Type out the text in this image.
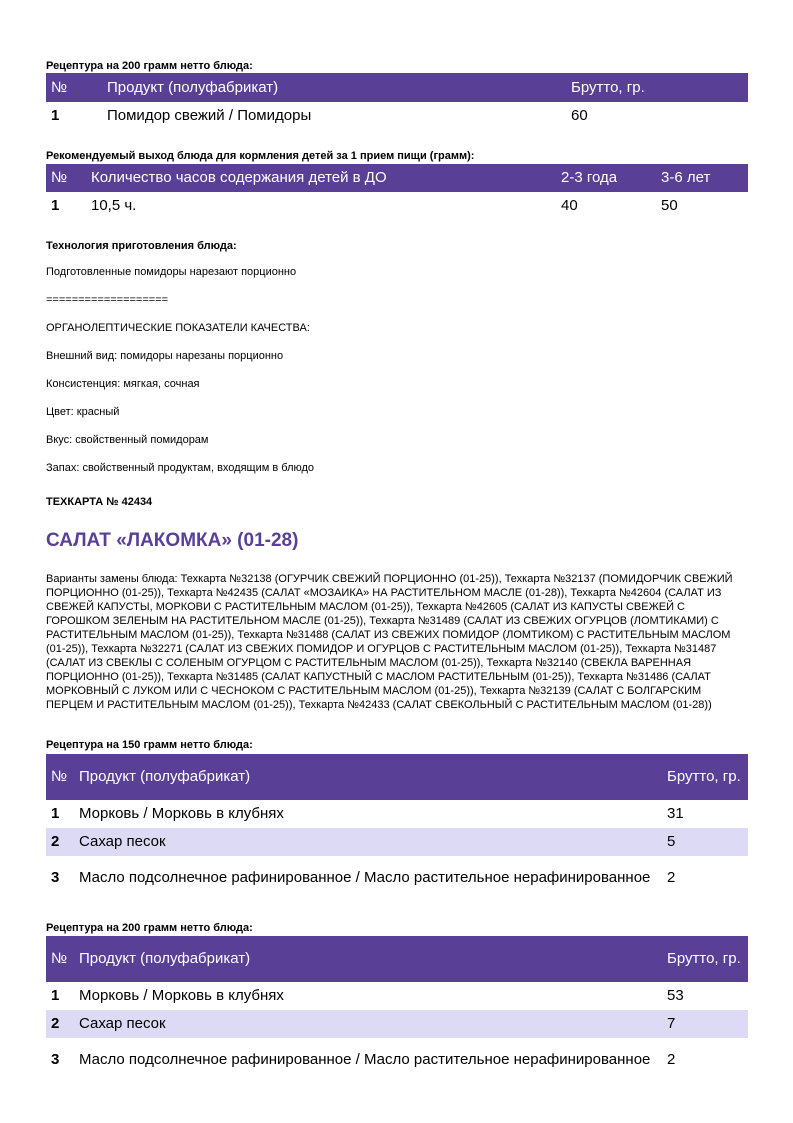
Рецептура на 200 грамм нетто блюда:
№	Продукт (полуфабрикат)	Брутто, гр.
1	Помидор свежий / Помидоры	60
Рекомендуемый выход блюда для кормления детей за 1 прием пищи (грамм):
№	Количество часов содержания детей в ДО	2-3 года	3-6 лет
1	10,5 ч.	40	50
Технология приготовления блюда:
Подготовленные помидоры нарезают порционно
===================
ОРГАНОЛЕПТИЧЕСКИЕ ПОКАЗАТЕЛИ КАЧЕСТВА:
Внешний вид: помидоры нарезаны порционно
Консистенция: мягкая, сочная
Цвет: красный
Вкус: свойственный помидорам
Запах: свойственный продуктам, входящим в блюдо
ТЕХКАРТА № 42434
САЛАТ «ЛАКОМКА» (01-28)
Варианты замены блюда: Техкарта №32138 (ОГУРЧИК СВЕЖИЙ ПОРЦИОННО (01-25)), Техкарта №32137 (ПОМИДОРЧИК СВЕЖИЙ ПОРЦИОННО (01-25)), Техкарта №42435 (САЛАТ «МОЗАИКА» НА РАСТИТЕЛЬНОМ МАСЛЕ (01-28)), Техкарта №42604 (САЛАТ ИЗ СВЕЖЕЙ КАПУСТЫ, МОРКОВИ С РАСТИТЕЛЬНЫМ МАСЛОМ (01-25)), Техкарта №42605 (САЛАТ ИЗ КАПУСТЫ СВЕЖЕЙ С ГОРОШКОМ ЗЕЛЕНЫМ НА РАСТИТЕЛЬНОМ МАСЛЕ (01-25)), Техкарта №31489 (САЛАТ ИЗ СВЕЖИХ ОГУРЦОВ (ЛОМТИКАМИ) С РАСТИТЕЛЬНЫМ МАСЛОМ (01-25)), Техкарта №31488 (САЛАТ ИЗ СВЕЖИХ ПОМИДОР (ЛОМТИКОМ) С РАСТИТЕЛЬНЫМ МАСЛОМ (01-25)), Техкарта №32271 (САЛАТ ИЗ СВЕЖИХ ПОМИДОР И ОГУРЦОВ С РАСТИТЕЛЬНЫМ МАСЛОМ (01-25)), Техкарта №31487 (САЛАТ ИЗ СВЕКЛЫ С СОЛЕНЫМ ОГУРЦОМ С РАСТИТЕЛЬНЫМ МАСЛОМ (01-25)), Техкарта №32140 (СВЕКЛА ВАРЕННАЯ ПОРЦИОННО (01-25)), Техкарта №31485 (САЛАТ КАПУСТНЫЙ С МАСЛОМ РАСТИТЕЛЬНЫМ (01-25)), Техкарта №31486 (САЛАТ МОРКОВНЫЙ С ЛУКОМ ИЛИ С ЧЕСНОКОМ С РАСТИТЕЛЬНЫМ МАСЛОМ (01-25)), Техкарта №32139 (САЛАТ С БОЛГАРСКИМ ПЕРЦЕМ И РАСТИТЕЛЬНЫМ МАСЛОМ (01-25)), Техкарта №42433 (САЛАТ СВЕКОЛЬНЫЙ С РАСТИТЕЛЬНЫМ МАСЛОМ (01-28))
Рецептура на 150 грамм нетто блюда:
№	Продукт (полуфабрикат)	Брутто, гр.
1	Морковь / Морковь в клубнях	31
2	Сахар песок	5
3	Масло подсолнечное рафинированное / Масло растительное нерафинированное	2
Рецептура на 200 грамм нетто блюда:
№	Продукт (полуфабрикат)	Брутто, гр.
1	Морковь / Морковь в клубнях	53
2	Сахар песок	7
3	Масло подсолнечное рафинированное / Масло растительное нерафинированное	2
